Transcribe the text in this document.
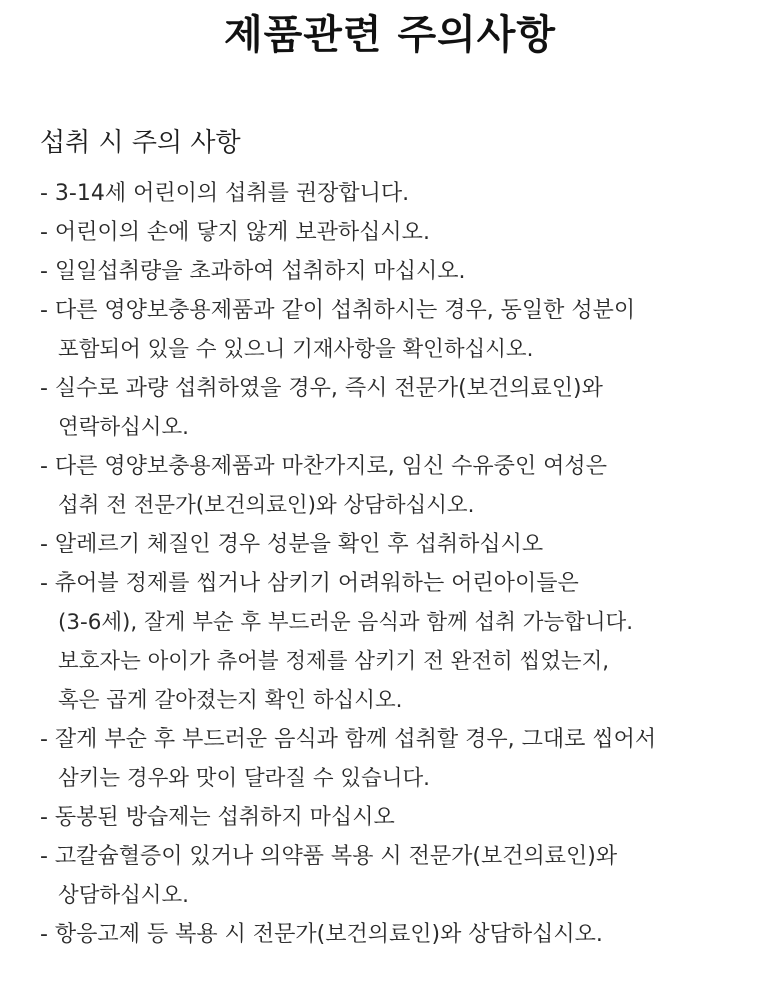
제품관련 주의사항
섭취 시 주의 사항
- 3-14세 어린이의 섭취를 권장합니다.
- 어린이의 손에 닿지 않게 보관하십시오.
- 일일섭취량을 초과하여 섭취하지 마십시오.
- 다른 영양보충용제품과 같이 섭취하시는 경우, 동일한 성분이
포함되어 있을 수 있으니 기재사항을 확인하십시오.
- 실수로 과량 섭취하였을 경우, 즉시 전문가(보건의료인)와
연락하십시오.
- 다른 영양보충용제품과 마찬가지로, 임신 수유중인 여성은
섭취 전 전문가(보건의료인)와 상담하십시오.
- 알레르기 체질인 경우 성분을 확인 후 섭취하십시오
- 츄어블 정제를 씹거나 삼키기 어려워하는 어린아이들은
(3-6세), 잘게 부순 후 부드러운 음식과 함께 섭취 가능합니다.
보호자는 아이가 츄어블 정제를 삼키기 전 완전히 씹었는지,
혹은 곱게 갈아졌는지 확인 하십시오.
- 잘게 부순 후 부드러운 음식과 함께 섭취할 경우, 그대로 씹어서
삼키는 경우와 맛이 달라질 수 있습니다.
- 동봉된 방습제는 섭취하지 마십시오
- 고칼슘혈증이 있거나 의약품 복용 시 전문가(보건의료인)와
상담하십시오.
- 항응고제 등 복용 시 전문가(보건의료인)와 상담하십시오.
